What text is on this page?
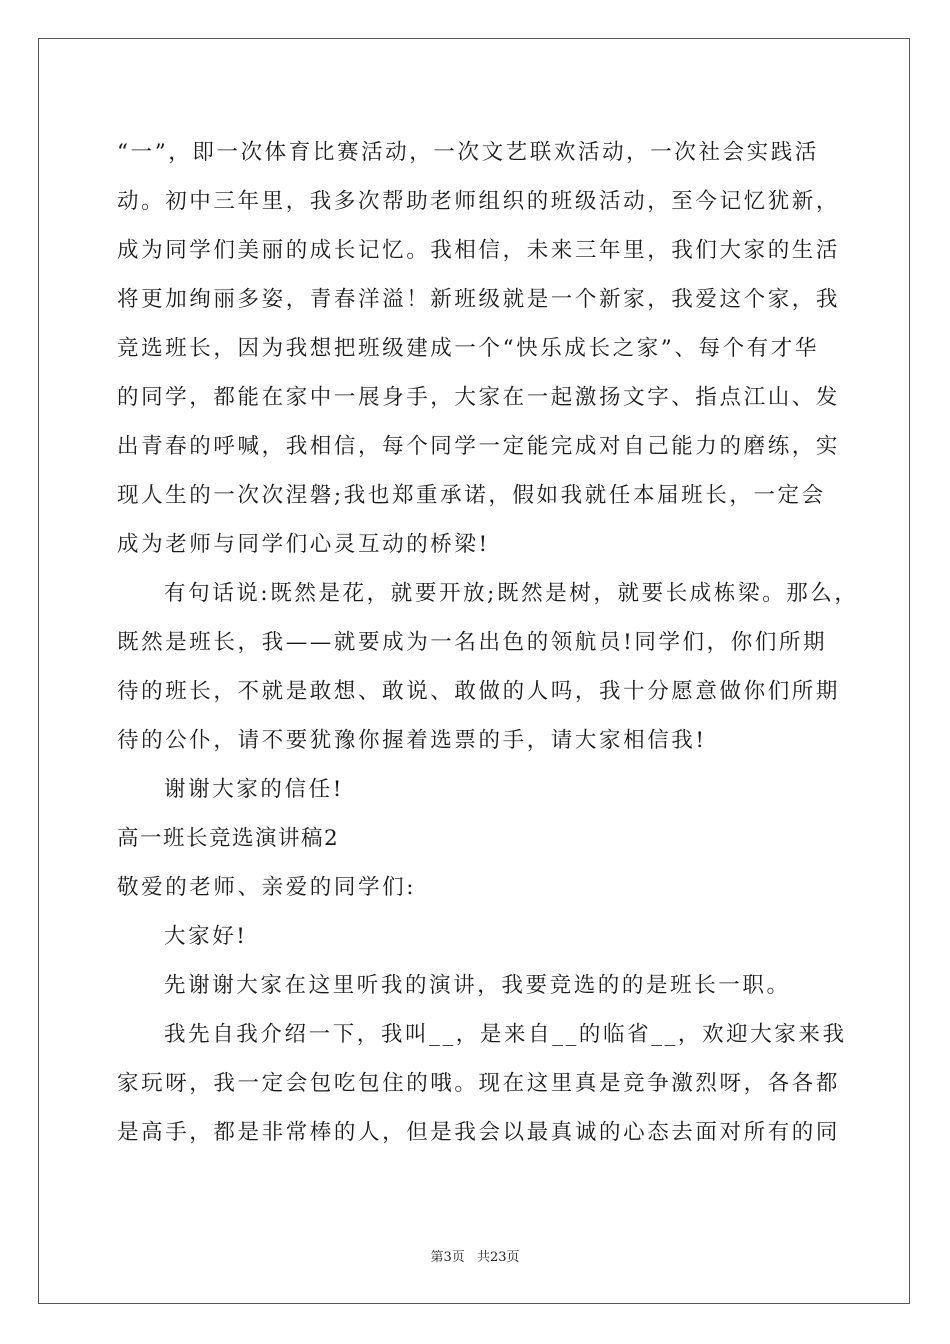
“一”，即一次体育比赛活动，一次文艺联欢活动，一次社会实践活
动。初中三年里，我多次帮助老师组织的班级活动，至今记忆犹新，
成为同学们美丽的成长记忆。我相信，未来三年里，我们大家的生活
将更加绚丽多姿，青春洋溢！新班级就是一个新家，我爱这个家，我
竞选班长，因为我想把班级建成一个“快乐成长之家”、每个有才华
的同学，都能在家中一展身手，大家在一起激扬文字、指点江山、发
出青春的呼喊，我相信，每个同学一定能完成对自己能力的磨练，实
现人生的一次次涅磐;我也郑重承诺，假如我就任本届班长，一定会
成为老师与同学们心灵互动的桥梁!
有句话说:既然是花，就要开放;既然是树，就要长成栋梁。那么，
既然是班长，我——就要成为一名出色的领航员!同学们，你们所期
待的班长，不就是敢想、敢说、敢做的人吗，我十分愿意做你们所期
待的公仆，请不要犹豫你握着选票的手，请大家相信我!
谢谢大家的信任!
高一班长竞选演讲稿2
敬爱的老师、亲爱的同学们:
大家好!
先谢谢大家在这里听我的演讲，我要竞选的的是班长一职。
我先自我介绍一下，我叫__，是来自__的临省__，欢迎大家来我
家玩呀，我一定会包吃包住的哦。现在这里真是竞争激烈呀，各各都
是高手，都是非常棒的人，但是我会以最真诚的心态去面对所有的同
第3页 共23页
